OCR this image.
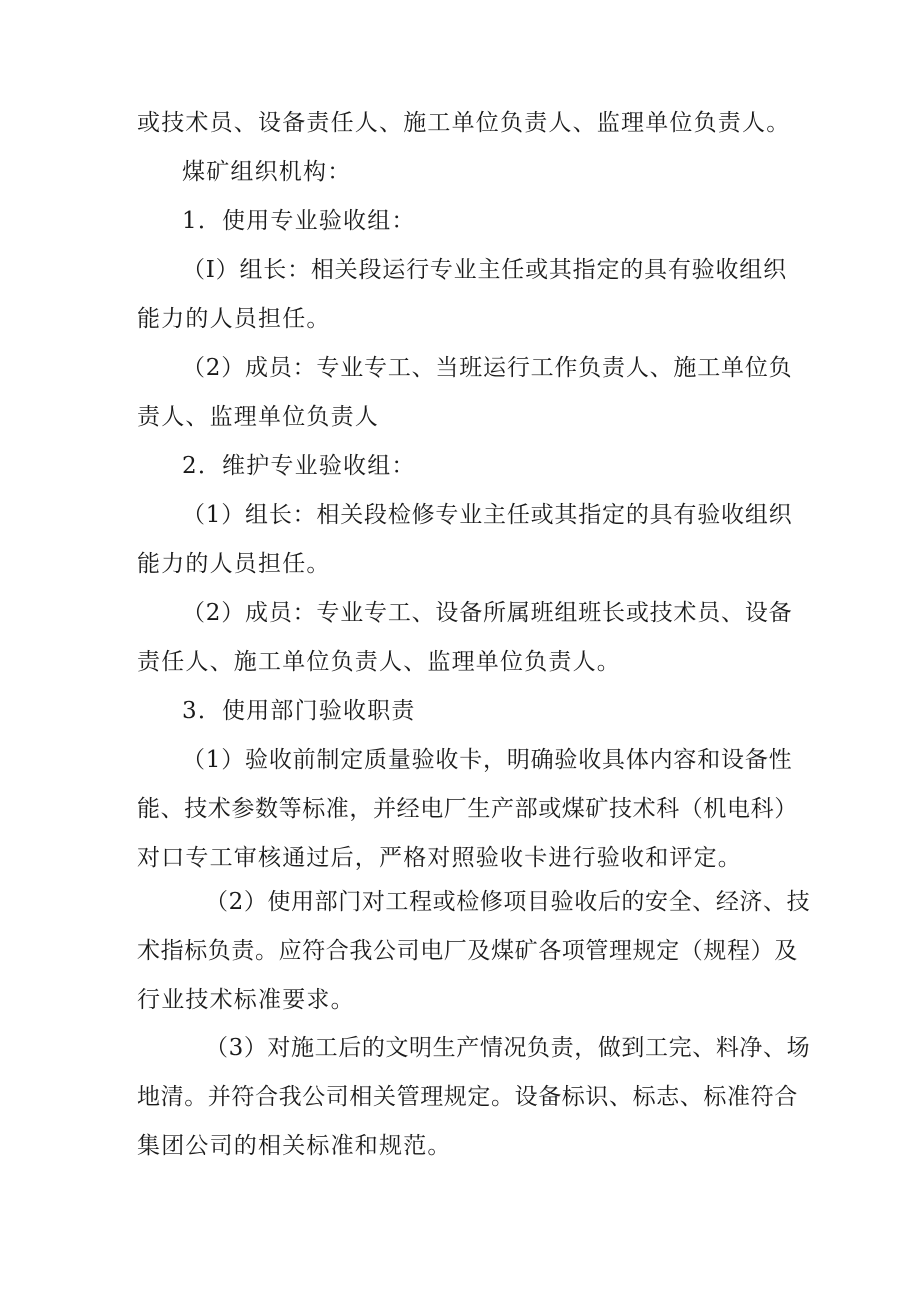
或技术员、设备责任人、施工单位负责人、监理单位负责人。
煤矿组织机构：
1．使用专业验收组：
（I）组长：相关段运行专业主任或其指定的具有验收组织
能力的人员担任。
（2）成员：专业专工、当班运行工作负责人、施工单位负
责人、监理单位负责人
2．维护专业验收组：
（1）组长：相关段检修专业主任或其指定的具有验收组织
能力的人员担任。
（2）成员：专业专工、设备所属班组班长或技术员、设备
责任人、施工单位负责人、监理单位负责人。
3．使用部门验收职责
（1）验收前制定质量验收卡，明确验收具体内容和设备性
能、技术参数等标准，并经电厂生产部或煤矿技术科（机电科）
对口专工审核通过后，严格对照验收卡进行验收和评定。
（2）使用部门对工程或检修项目验收后的安全、经济、技
术指标负责。应符合我公司电厂及煤矿各项管理规定（规程）及
行业技术标准要求。
（3）对施工后的文明生产情况负责，做到工完、料净、场
地清。并符合我公司相关管理规定。设备标识、标志、标准符合
集团公司的相关标准和规范。
